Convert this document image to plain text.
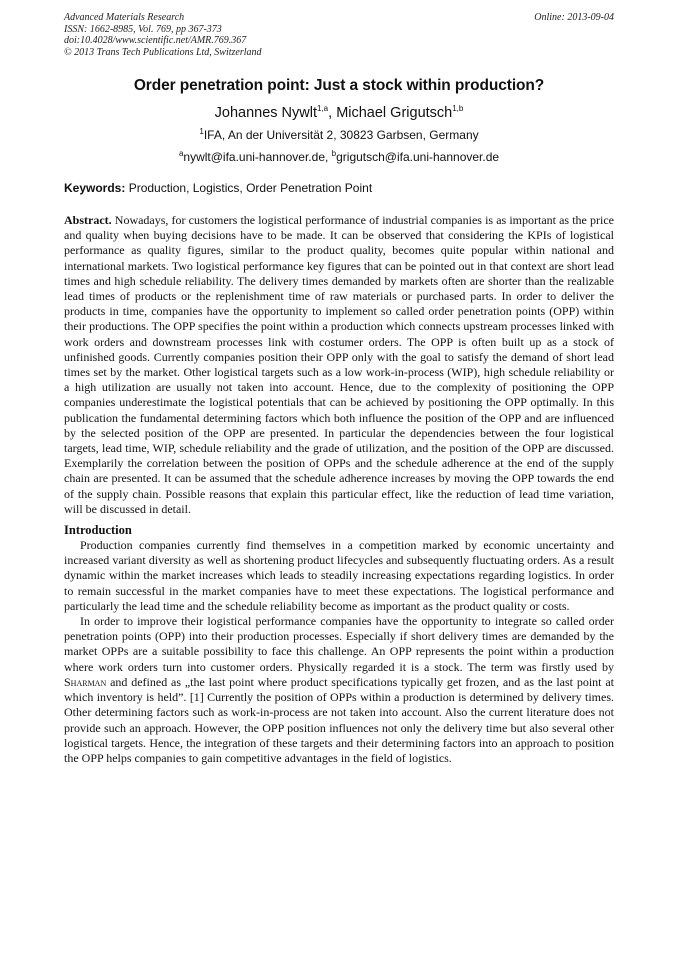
Advanced Materials Research
ISSN: 1662-8985, Vol. 769, pp 367-373
doi:10.4028/www.scientific.net/AMR.769.367
© 2013 Trans Tech Publications Ltd, Switzerland
Online: 2013-09-04
Order penetration point: Just a stock within production?
Johannes Nywlt$^{1,a}$, Michael Grigutsch$^{1,b}$
$^1$IFA, An der Universität 2, 30823 Garbsen, Germany
$^a$nywlt@ifa.uni-hannover.de, $^b$grigutsch@ifa.uni-hannover.de
Keywords: Production, Logistics, Order Penetration Point
Abstract. Nowadays, for customers the logistical performance of industrial companies is as important as the price and quality when buying decisions have to be made. It can be observed that considering the KPIs of logistical performance as quality figures, similar to the product quality, becomes quite popular within national and international markets. Two logistical performance key figures that can be pointed out in that context are short lead times and high schedule reliability. The delivery times demanded by markets often are shorter than the realizable lead times of products or the replenishment time of raw materials or purchased parts. In order to deliver the products in time, companies have the opportunity to implement so called order penetration points (OPP) within their productions. The OPP specifies the point within a production which connects upstream processes linked with work orders and downstream processes link with costumer orders. The OPP is often built up as a stock of unfinished goods. Currently companies position their OPP only with the goal to satisfy the demand of short lead times set by the market. Other logistical targets such as a low work-in-process (WIP), high schedule reliability or a high utilization are usually not taken into account. Hence, due to the complexity of positioning the OPP companies underestimate the logistical potentials that can be achieved by positioning the OPP optimally. In this publication the fundamental determining factors which both influence the position of the OPP and are influenced by the selected position of the OPP are presented. In particular the dependencies between the four logistical targets, lead time, WIP, schedule reliability and the grade of utilization, and the position of the OPP are discussed. Exemplarily the correlation between the position of OPPs and the schedule adherence at the end of the supply chain are presented. It can be assumed that the schedule adherence increases by moving the OPP towards the end of the supply chain. Possible reasons that explain this particular effect, like the reduction of lead time variation, will be discussed in detail.
Introduction

Production companies currently find themselves in a competition marked by economic uncertainty and increased variant diversity as well as shortening product lifecycles and subsequently fluctuating orders. As a result dynamic within the market increases which leads to steadily increasing expectations regarding logistics. In order to remain successful in the market companies have to meet these expectations. The logistical performance and particularly the lead time and the schedule reliability become as important as the product quality or costs.

In order to improve their logistical performance companies have the opportunity to integrate so called order penetration points (OPP) into their production processes. Especially if short delivery times are demanded by the market OPPs are a suitable possibility to face this challenge. An OPP represents the point within a production where work orders turn into customer orders. Physically regarded it is a stock. The term was firstly used by Sharman and defined as „the last point where product specifications typically get frozen, and as the last point at which inventory is held”. [1] Currently the position of OPPs within a production is determined by delivery times. Other determining factors such as work-in-process are not taken into account. Also the current literature does not provide such an approach. However, the OPP position influences not only the delivery time but also several other logistical targets. Hence, the integration of these targets and their determining factors into an approach to position the OPP helps companies to gain competitive advantages in the field of logistics.
